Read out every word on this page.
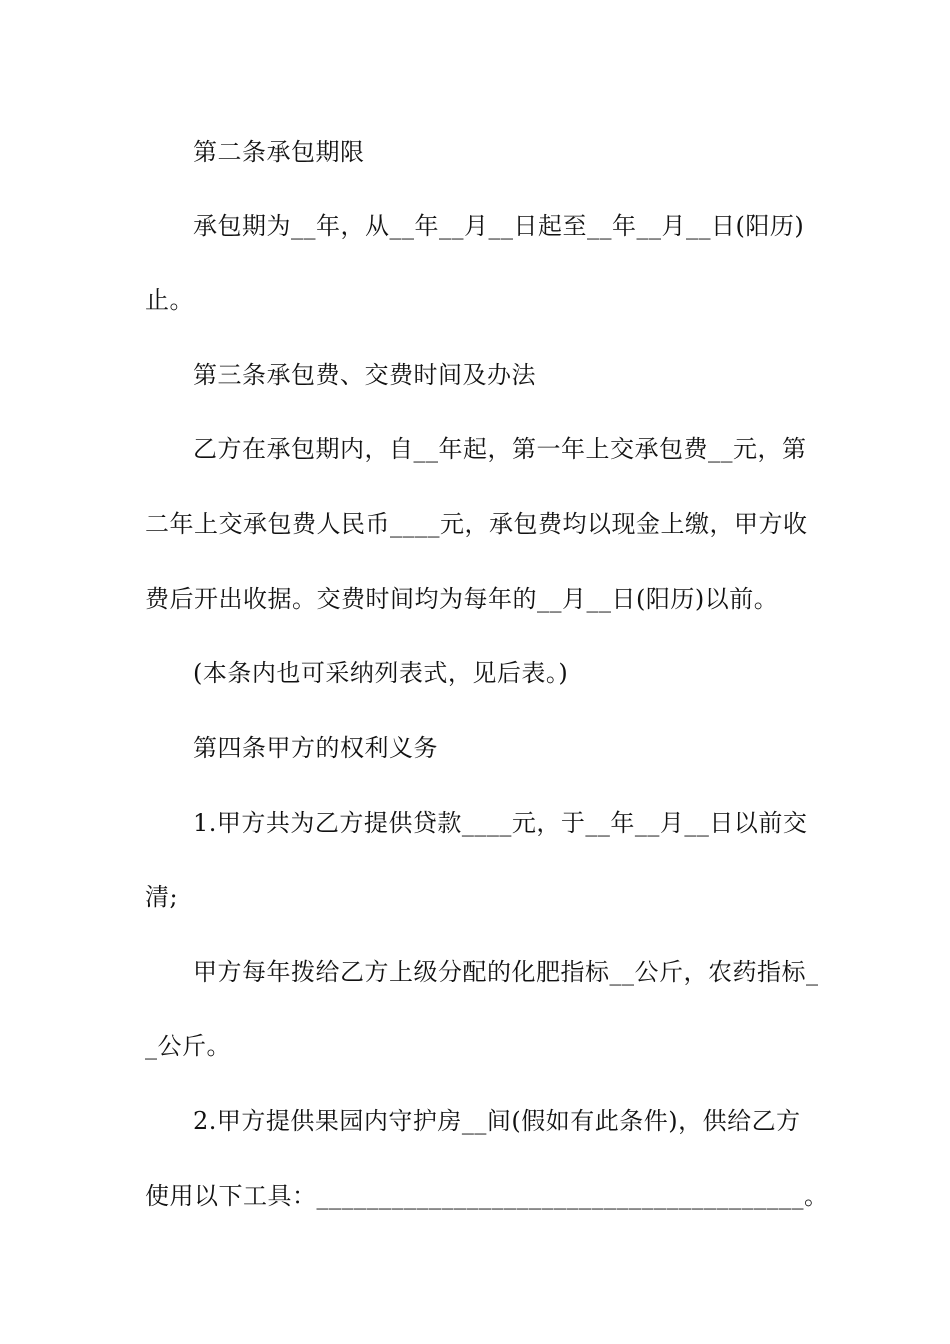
第二条承包期限
承包期为__年，从__年__月__日起至__年__月__日(阳历)
止。
第三条承包费、交费时间及办法
乙方在承包期内，自__年起，第一年上交承包费__元，第
二年上交承包费人民币____元，承包费均以现金上缴，甲方收
费后开出收据。交费时间均为每年的__月__日(阳历)以前。
(本条内也可采纳列表式，见后表。)
第四条甲方的权利义务
1.甲方共为乙方提供贷款____元，于__年__月__日以前交
清;
甲方每年拨给乙方上级分配的化肥指标__公斤，农药指标_
_公斤。
2.甲方提供果园内守护房__间(假如有此条件)，供给乙方
使用以下工具：_______________________________________。
